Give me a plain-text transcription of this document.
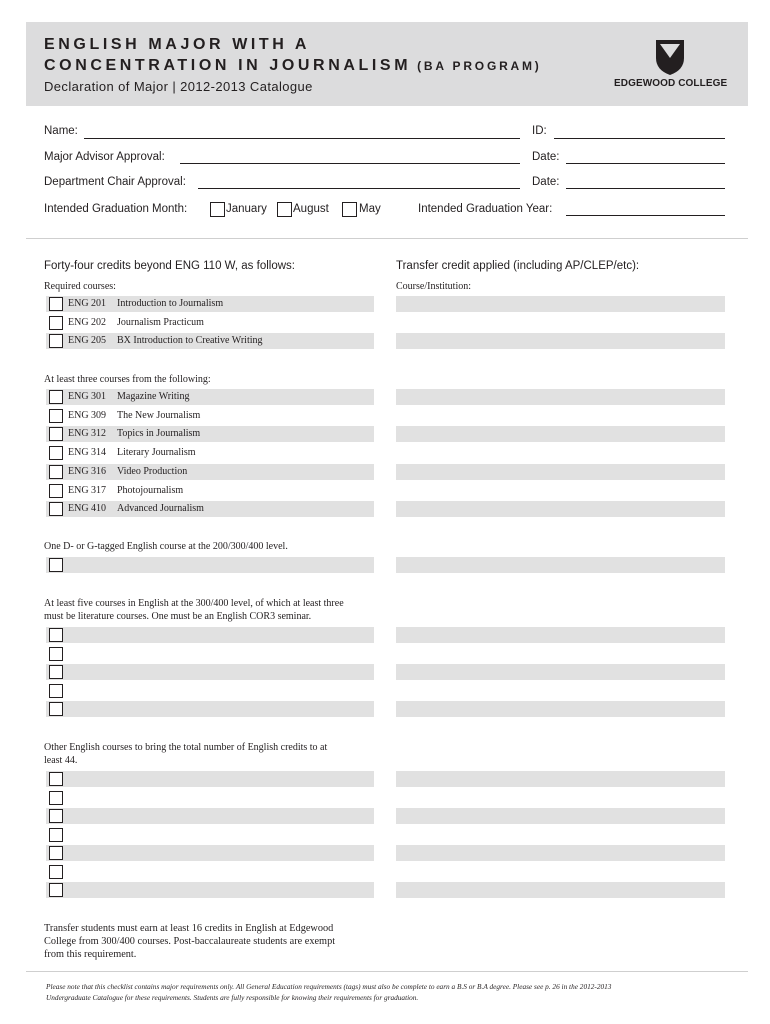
ENGLISH MAJOR WITH A
CONCENTRATION IN JOURNALISM (BA PROGRAM)
Declaration of Major | 2012-2013 Catalogue	EDGEWOOD COLLEGE
Name:	ID:
Major Advisor Approval:	Date:
Department Chair Approval:	Date:
Intended Graduation Month:	January August	May	Intended Graduation Year:
Forty-four credits beyond ENG 110 W, as follows:	Transfer credit applied (including AP/CLEP/etc):
Required courses:	Course/Institution:
ENG 201 Introduction to Journalism
ENG 202 Journalism Practicum
ENG 205 BX Introduction to Creative Writing
At least three courses from the following:
ENG 301 Magazine Writing
ENG 309 The New Journalism
ENG 312 Topics in Journalism
ENG 314 Literary Journalism
ENG 316 Video Production
ENG 317 Photojournalism
ENG 410 Advanced Journalism
One D- or G-tagged English course at the 200/300/400 level.
At least five courses in English at the 300/400 level, of which at least three
must be literature courses. One must be an English COR3 seminar.
Other English courses to bring the total number of English credits to at
least 44.
Transfer students must earn at least 16 credits in English at Edgewood
College from 300/400 courses. Post-baccalaureate students are exempt
from this requirement.
Please note that this checklist contains major requirements only. All General Education requirements (tags) must also be complete to earn a B.S or B.A degree. Please see p. 26 in the 2012-2013
Undergraduate Catalogue for these requirements. Students are fully responsible for knowing their requirements for graduation.
